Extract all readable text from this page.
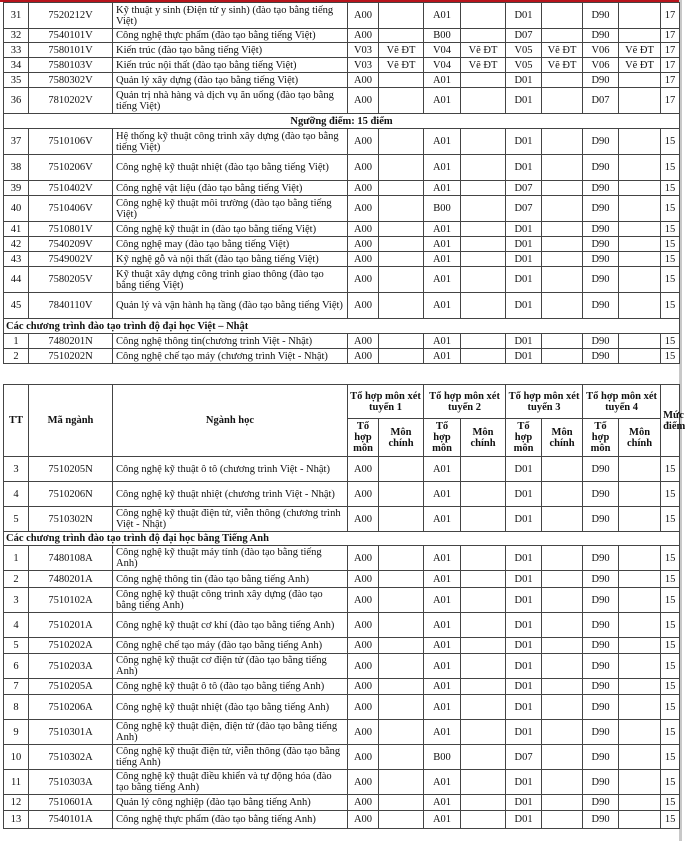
31	7520212V	Kỹ thuật y sinh (Điện tử y sinh) (đào tạo bằng tiếng Việt)	A00		A01		D01		D90		17
32	7540101V	Công nghệ thực phẩm (đào tạo bằng tiếng Việt)	A00		B00		D07		D90		17
33	7580101V	Kiến trúc (đào tạo bằng tiếng Việt)	V03	Vẽ ĐT	V04	Vẽ ĐT	V05	Vẽ ĐT	V06	Vẽ ĐT	17
34	7580103V	Kiến trúc nội thất (đào tạo bằng tiếng Việt)	V03	Vẽ ĐT	V04	Vẽ ĐT	V05	Vẽ ĐT	V06	Vẽ ĐT	17
35	7580302V	Quản lý xây dựng (đào tạo bằng tiếng Việt)	A00		A01		D01		D90		17
36	7810202V	Quản trị nhà hàng và dịch vụ ăn uống (đào tạo bằng tiếng Việt)	A00		A01		D01		D07		17
Ngưỡng điểm: 15 điểm											
37	7510106V	Hệ thống kỹ thuật công trình xây dựng (đào tạo bằng tiếng Việt)	A00		A01		D01		D90		15
38	7510206V	Công nghệ kỹ thuật nhiệt (đào tạo bằng tiếng Việt)	A00		A01		D01		D90		15
39	7510402V	Công nghệ vật liệu (đào tạo bằng tiếng Việt)	A00		A01		D07		D90		15
40	7510406V	Công nghệ kỹ thuật môi trường (đào tạo bằng tiếng Việt)	A00		B00		D07		D90		15
41	7510801V	Công nghệ kỹ thuật in (đào tạo bằng tiếng Việt)	A00		A01		D01		D90		15
42	7540209V	Công nghệ may (đào tạo bằng tiếng Việt)	A00		A01		D01		D90		15
43	7549002V	Kỹ nghệ gỗ và nội thất (đào tạo bằng tiếng Việt)	A00		A01		D01		D90		15
44	7580205V	Kỹ thuật xây dựng công trình giao thông (đào tạo bằng tiếng Việt)	A00		A01		D01		D90		15
45	7840110V	Quản lý và vận hành hạ tầng (đào tạo bằng tiếng Việt)	A00		A01		D01		D90		15
Các chương trình đào tạo trình độ đại học Việt – Nhật											
1	7480201N	Công nghệ thông tin(chương trình Việt - Nhật)	A00		A01		D01		D90		15
2	7510202N	Công nghệ chế tạo máy (chương trình Việt - Nhật)	A00		A01		D01		D90		15
TT	Mã ngành	Ngành học	Tổ hợp môn xét tuyển 1		Tổ hợp môn xét tuyển 2		Tổ hợp môn xét tuyển 3		Tổ hợp môn xét tuyển 4		Mức điểm
			Tổ hợp môn	Môn chính	Tổ hợp môn	Môn chính	Tổ hợp môn	Môn chính	Tổ hợp môn	Môn chính	
3	7510205N	Công nghệ kỹ thuật ô tô (chương trình Việt - Nhật)	A00		A01		D01		D90		15
4	7510206N	Công nghệ kỹ thuật nhiệt (chương trình Việt - Nhật)	A00		A01		D01		D90		15
5	7510302N	Công nghệ kỹ thuật điện tử, viễn thông (chương trình Việt - Nhật)	A00		A01		D01		D90		15
Các chương trình đào tạo trình độ đại học bằng Tiếng Anh											
1	7480108A	Công nghệ kỹ thuật máy tính (đào tạo bằng tiếng Anh)	A00		A01		D01		D90		15
2	7480201A	Công nghệ thông tin (đào tạo bằng tiếng Anh)	A00		A01		D01		D90		15
3	7510102A	Công nghệ kỹ thuật công trình xây dựng (đào tạo bằng tiếng Anh)	A00		A01		D01		D90		15
4	7510201A	Công nghệ kỹ thuật cơ khí (đào tạo bằng tiếng Anh)	A00		A01		D01		D90		15
5	7510202A	Công nghệ chế tạo máy (đào tạo bằng tiếng Anh)	A00		A01		D01		D90		15
6	7510203A	Công nghệ kỹ thuật cơ điện tử (đào tạo bằng tiếng Anh)	A00		A01		D01		D90		15
7	7510205A	Công nghệ kỹ thuật ô tô (đào tạo bằng tiếng Anh)	A00		A01		D01		D90		15
8	7510206A	Công nghệ kỹ thuật nhiệt (đào tạo bằng tiếng Anh)	A00		A01		D01		D90		15
9	7510301A	Công nghệ kỹ thuật điện, điện tử (đào tạo bằng tiếng Anh)	A00		A01		D01		D90		15
10	7510302A	Công nghệ kỹ thuật điện tử, viễn thông (đào tạo bằng tiếng Anh)	A00		B00		D07		D90		15
11	7510303A	Công nghệ kỹ thuật điều khiển và tự động hóa (đào tạo bằng tiếng Anh)	A00		A01		D01		D90		15
12	7510601A	Quản lý công nghiệp (đào tạo bằng tiếng Anh)	A00		A01		D01		D90		15
13	7540101A	Công nghệ thực phẩm (đào tạo bằng tiếng Anh)	A00		A01		D01		D90		15
